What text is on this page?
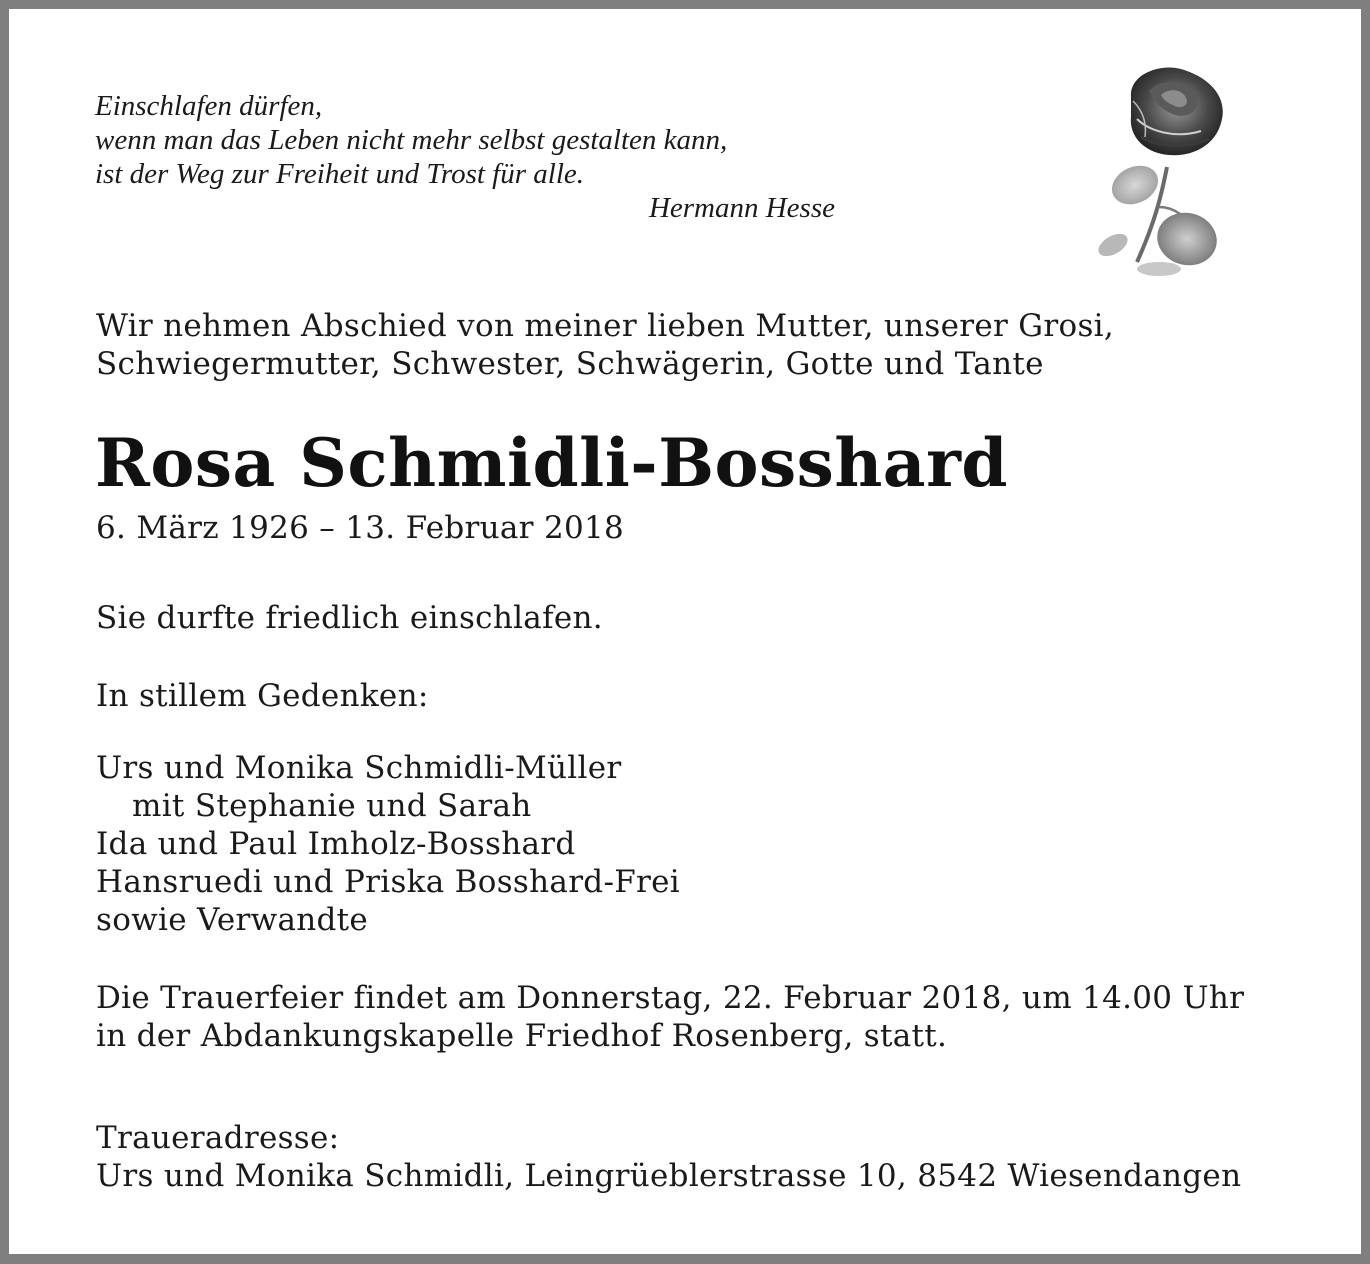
Einschlafen dürfen,
wenn man das Leben nicht mehr selbst gestalten kann,
ist der Weg zur Freiheit und Trost für alle.
Hermann Hesse
Wir nehmen Abschied von meiner lieben Mutter, unserer Grosi,
Schwiegermutter, Schwester, Schwägerin, Gotte und Tante
Rosa Schmidli-Bosshard
6. März 1926 – 13. Februar 2018
Sie durfte friedlich einschlafen.
In stillem Gedenken:
Urs und Monika Schmidli-Müller
mit Stephanie und Sarah
Ida und Paul Imholz-Bosshard
Hansruedi und Priska Bosshard-Frei
sowie Verwandte
Die Trauerfeier findet am Donnerstag, 22. Februar 2018, um 14.00 Uhr
in der Abdankungskapelle Friedhof Rosenberg, statt.
Traueradresse:
Urs und Monika Schmidli, Leingrüeblerstrasse 10, 8542 Wiesendangen
